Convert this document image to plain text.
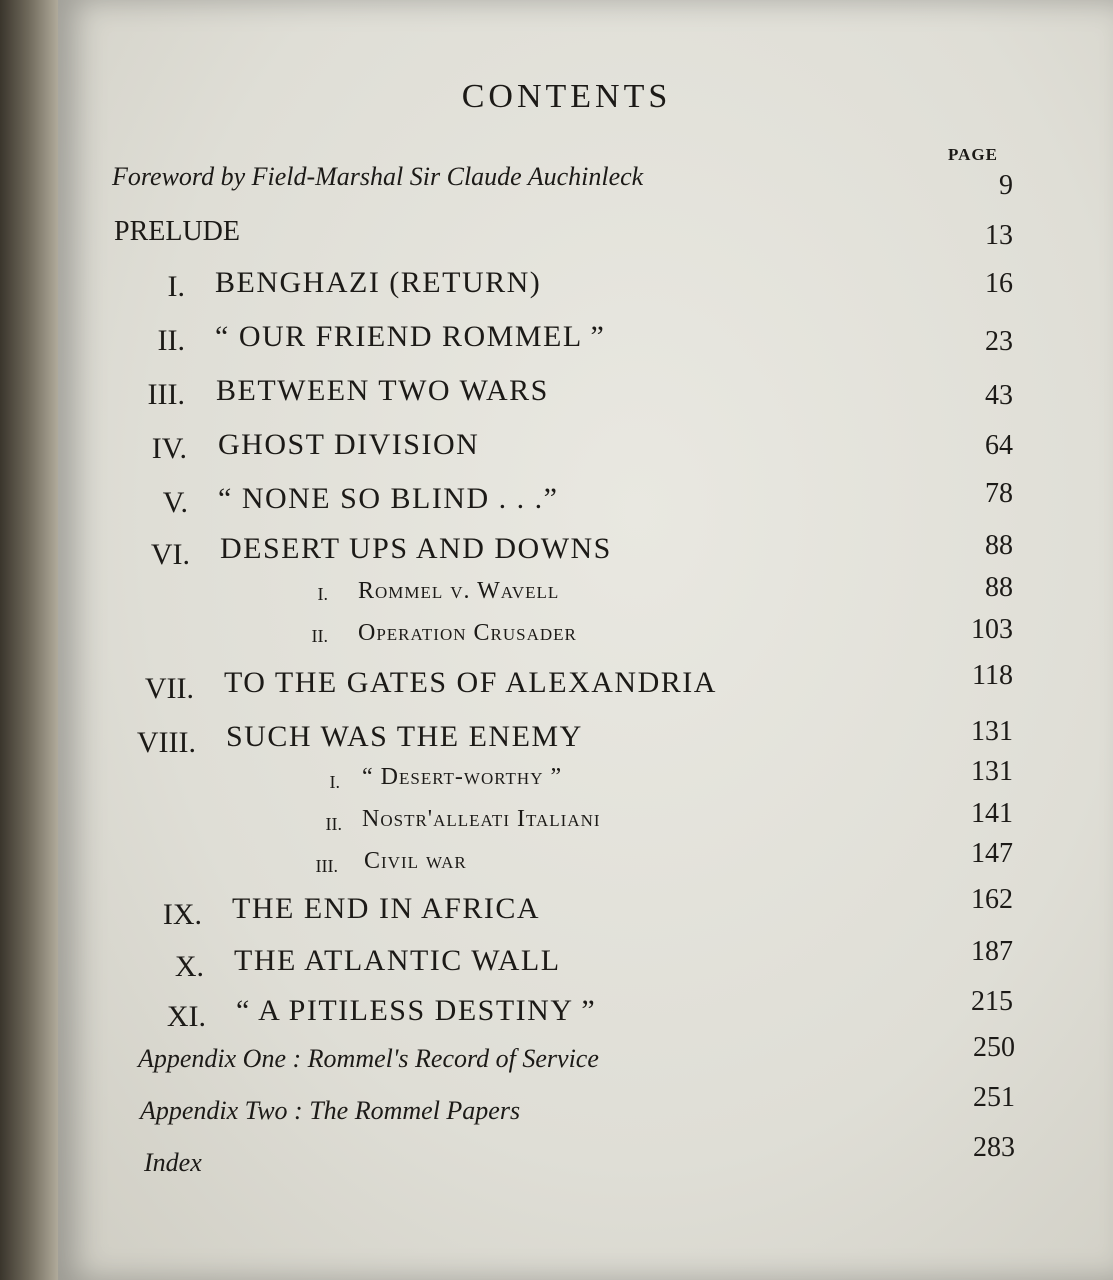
CONTENTS
PAGE
Foreword by Field-Marshal Sir Claude Auchinleck	9
PRELUDE	13
I. BENGHAZI (RETURN)	16
II. “ OUR FRIEND ROMMEL ”	23
III. BETWEEN TWO WARS	43
IV. GHOST DIVISION	64
V. “ NONE SO BLIND . . .”	78
VI. DESERT UPS AND DOWNS	88
I. Rommel v. Wavell	88
II. Operation Crusader	103
VII. TO THE GATES OF ALEXANDRIA	118
VIII. SUCH WAS THE ENEMY	131
I. “ Desert-worthy ”	131
II. Nostr'alleati Italiani	141
III. Civil war	147
IX. THE END IN AFRICA	162
X. THE ATLANTIC WALL	187
XI. “ A PITILESS DESTINY ”	215
Appendix One : Rommel's Record of Service	250
Appendix Two : The Rommel Papers	251
Index	283
